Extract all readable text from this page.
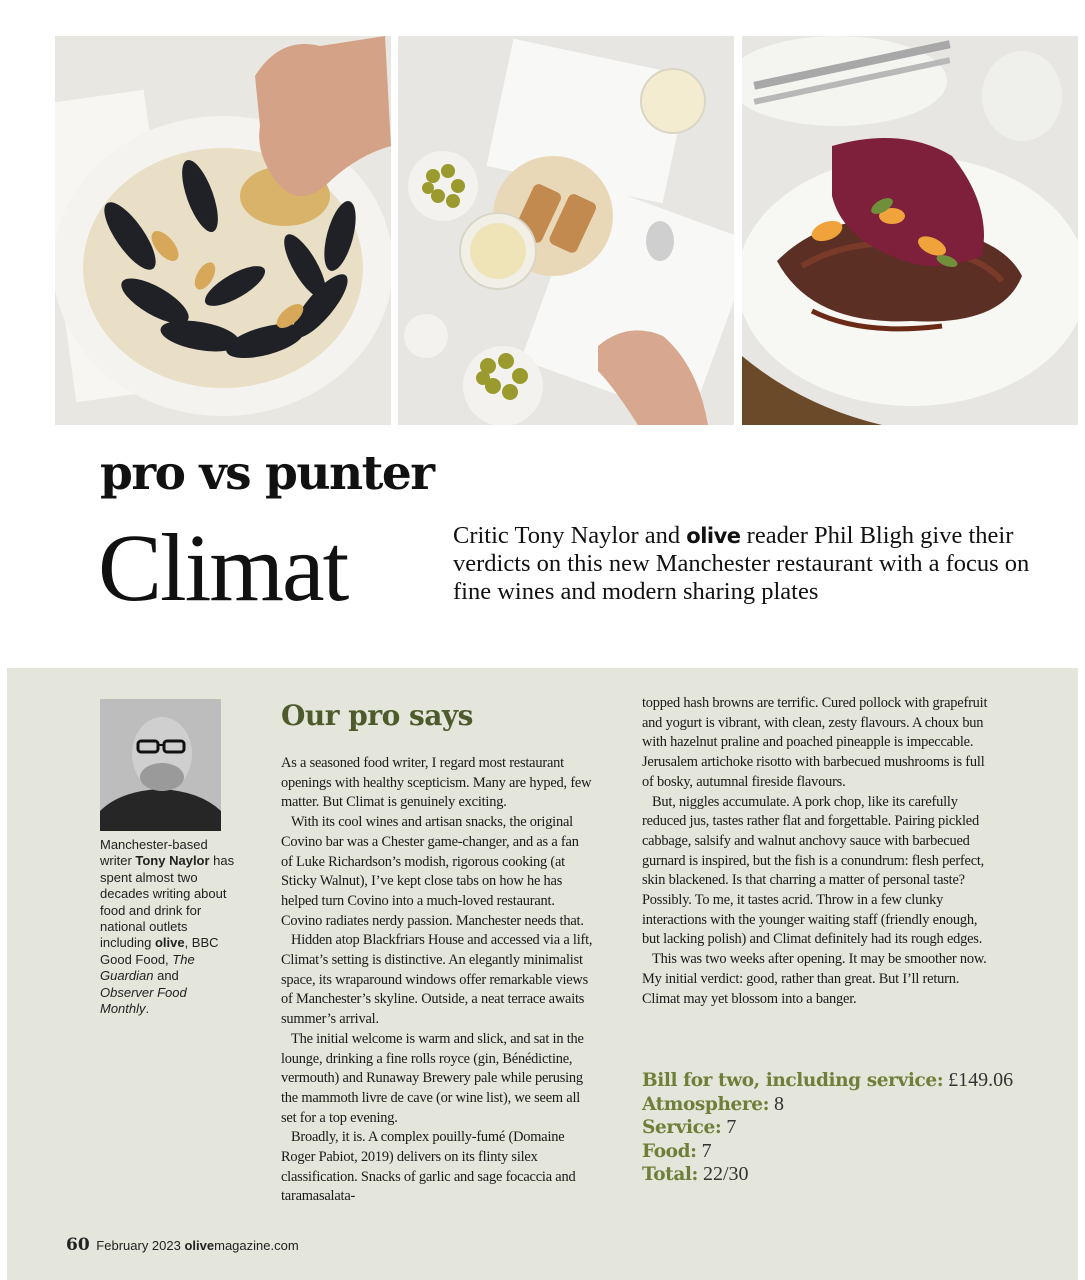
pro vs punter
Climat	Critic Tony Naylor and olive reader Phil Bligh give their verdicts on this new Manchester restaurant with a focus on fine wines and modern sharing plates
Manchester-based writer Tony Naylor has spent almost two decades writing about food and drink for national outlets including olive, BBC Good Food, The Guardian and Observer Food Monthly.
Our pro says

As a seasoned food writer, I regard most restaurant openings with healthy scepticism. Many are hyped, few matter. But Climat is genuinely exciting.

With its cool wines and artisan snacks, the original Covino bar was a Chester game-changer, and as a fan of Luke Richardson’s modish, rigorous cooking (at Sticky Walnut), I’ve kept close tabs on how he has helped turn Covino into a much-loved restaurant. Covino radiates nerdy passion. Manchester needs that.

Hidden atop Blackfriars House and accessed via a lift, Climat’s setting is distinctive. An elegantly minimalist space, its wraparound windows offer remarkable views of Manchester’s skyline. Outside, a neat terrace awaits summer’s arrival.

The initial welcome is warm and slick, and sat in the lounge, drinking a fine rolls royce (gin, Bénédictine, vermouth) and Runaway Brewery pale while perusing the mammoth livre de cave (or wine list), we seem all set for a top evening.

Broadly, it is. A complex pouilly-fumé (Domaine Roger Pabiot, 2019) delivers on its flinty silex classification. Snacks of garlic and sage focaccia and taramasalata-

topped hash browns are terrific. Cured pollock with grapefruit and yogurt is vibrant, with clean, zesty flavours. A choux bun with hazelnut praline and poached pineapple is impeccable. Jerusalem artichoke risotto with barbecued mushrooms is full of bosky, autumnal fireside flavours.

But, niggles accumulate. A pork chop, like its carefully reduced jus, tastes rather flat and forgettable. Pairing pickled cabbage, salsify and walnut anchovy sauce with barbecued gurnard is inspired, but the fish is a conundrum: flesh perfect, skin blackened. Is that charring a matter of personal taste? Possibly. To me, it tastes acrid. Throw in a few clunky interactions with the younger waiting staff (friendly enough, but lacking polish) and Climat definitely had its rough edges.

This was two weeks after opening. It may be smoother now. My initial verdict: good, rather than great. But I’ll return. Climat may yet blossom into a banger.

Bill for two, including service: £149.06
Atmosphere: 8
Service: 7
Food: 7
Total: 22/30
60 February 2023 olivemagazine.com
